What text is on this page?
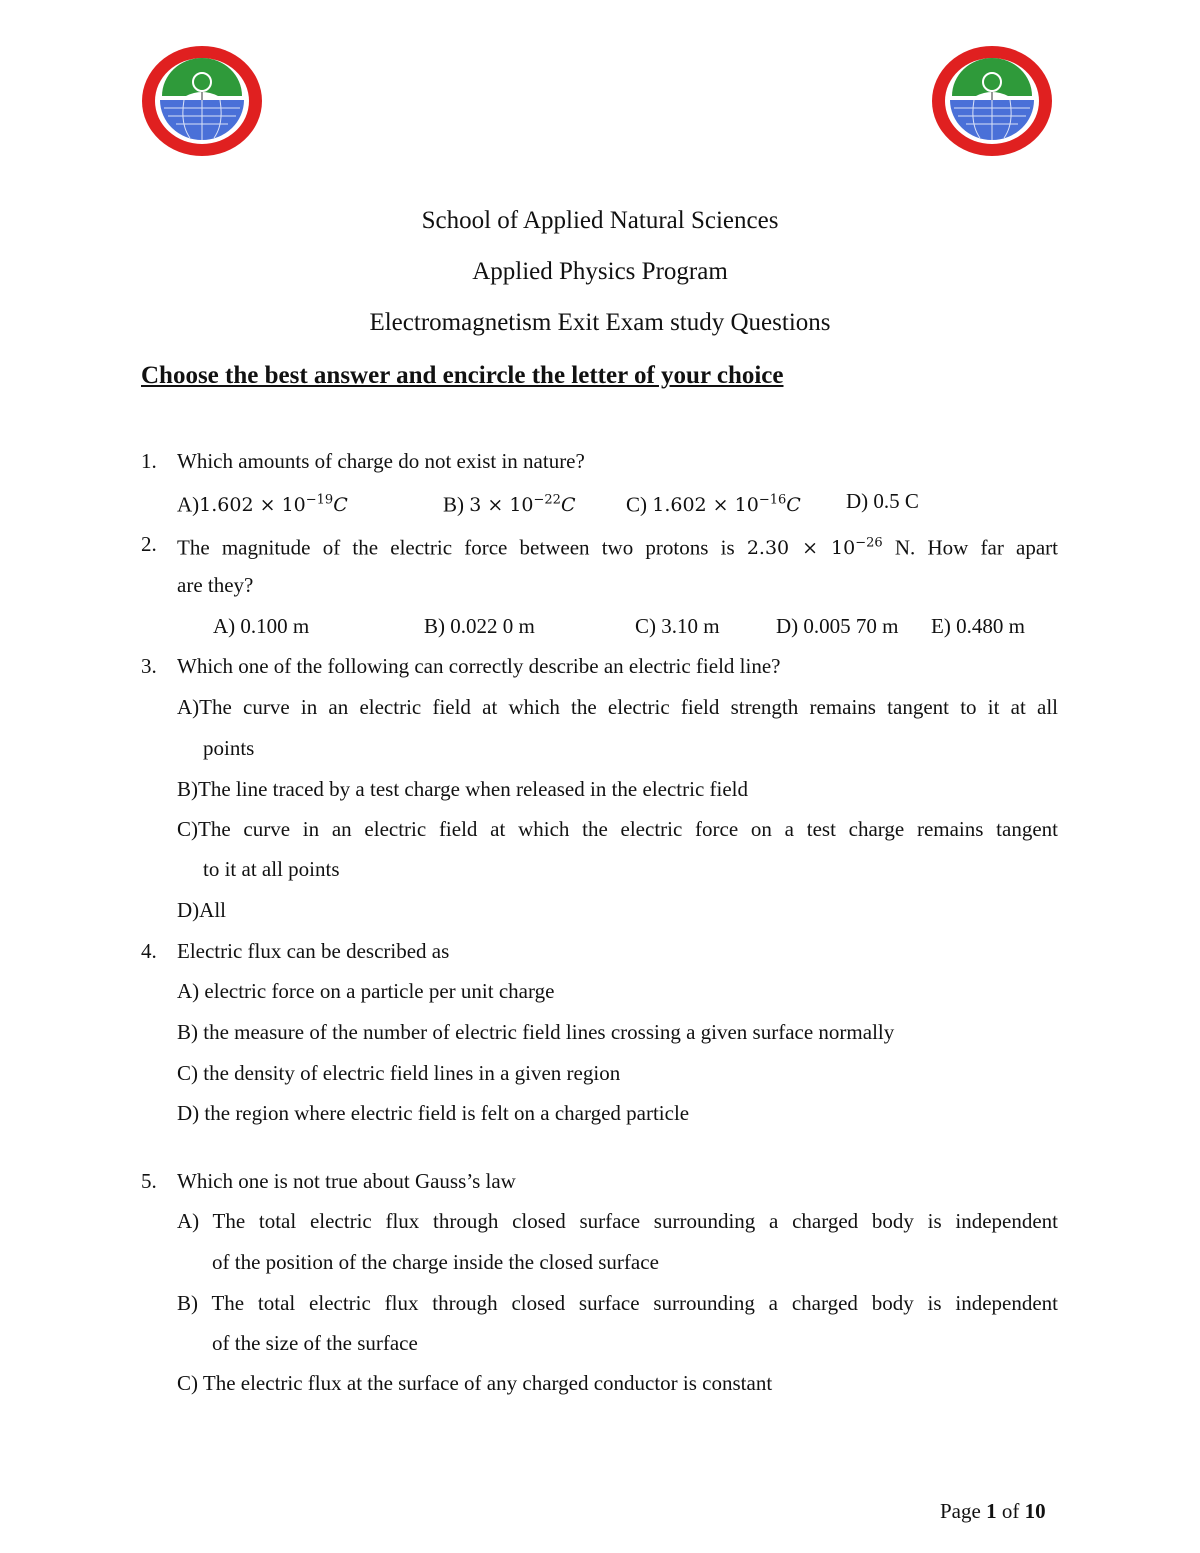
School of Applied Natural Sciences
Applied Physics Program
Electromagnetism Exit Exam study Questions
Choose the best answer and encircle the letter of your choice
1. Which amounts of charge do not exist in nature?
$A)1.602 \times 10^{-19}C$	B) $3 \times 10^{-22}C$ C) $1.602 \times 10^{-16}C$ D) 0.5 C
2. The magnitude of the electric force between two protons is $2.30 \times 10^{-26}$ N. How far apart
are they?
A) 0.100 m	B) 0.022 0 m	C) 3.10 m	D) 0.005 70 m E) 0.480 m
3. Which one of the following can correctly describe an electric field line?
A)The curve in an electric field at which the electric field strength remains tangent to it at all
points
B)The line traced by a test charge when released in the electric field
C)The curve in an electric field at which the electric force on a test charge remains tangent
to it at all points
D)All
4. Electric flux can be described as
A) electric force on a particle per unit charge
B) the measure of the number of electric field lines crossing a given surface normally
C) the density of electric field lines in a given region
D) the region where electric field is felt on a charged particle
5. Which one is not true about Gauss’s law
A) The total electric flux through closed surface surrounding a charged body is independent
of the position of the charge inside the closed surface
B) The total electric flux through closed surface surrounding a charged body is independent
of the size of the surface
C) The electric flux at the surface of any charged conductor is constant
Page 1 of 10
